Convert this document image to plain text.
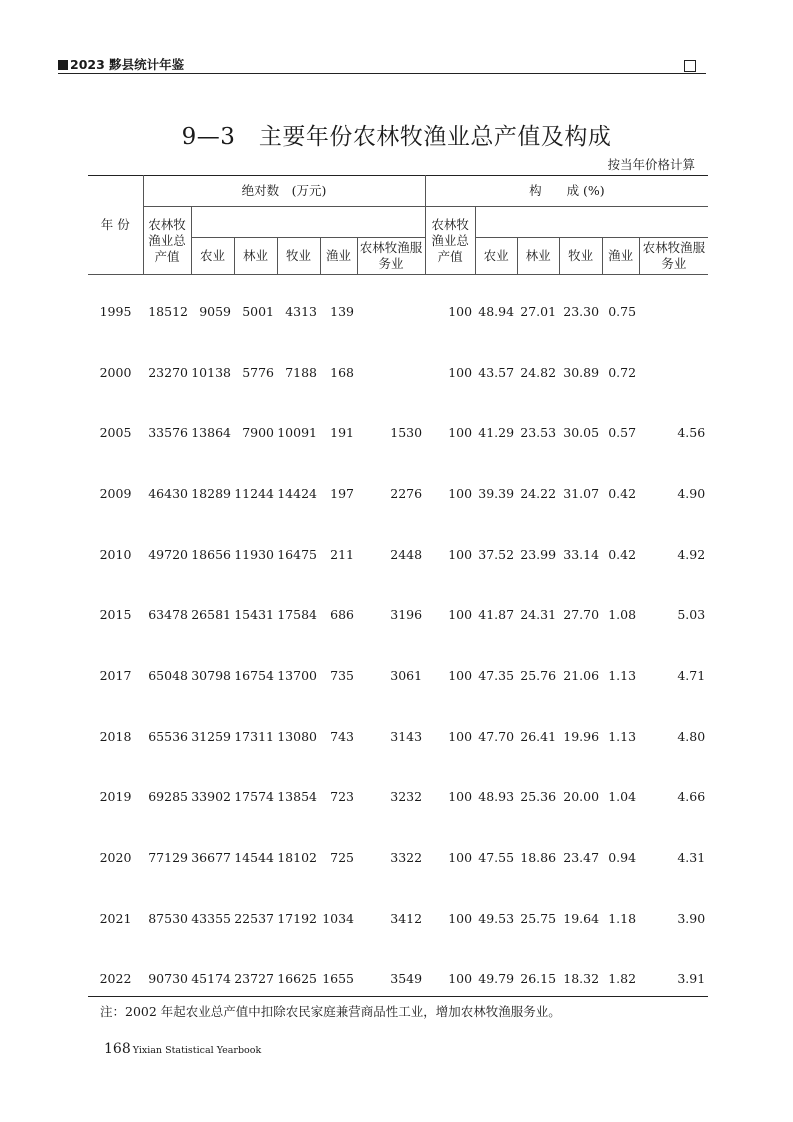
2023 黟县统计年鉴
9—3　主要年份农林牧渔业总产值及构成
按当年价格计算
年 份	绝对数　(万元)						构　　成 (%)					
	农林牧渔业总产值						农林牧渔业总产值					
		农业	林业	牧业	渔业	农林牧渔服务业		农业	林业	牧业	渔业	农林牧渔服务业
1995	18512	9059	5001	4313	139		100	48.94	27.01	23.30	0.75	
2000	23270	10138	5776	7188	168		100	43.57	24.82	30.89	0.72	
2005	33576	13864	7900	10091	191	1530	100	41.29	23.53	30.05	0.57	4.56
2009	46430	18289	11244	14424	197	2276	100	39.39	24.22	31.07	0.42	4.90
2010	49720	18656	11930	16475	211	2448	100	37.52	23.99	33.14	0.42	4.92
2015	63478	26581	15431	17584	686	3196	100	41.87	24.31	27.70	1.08	5.03
2017	65048	30798	16754	13700	735	3061	100	47.35	25.76	21.06	1.13	4.71
2018	65536	31259	17311	13080	743	3143	100	47.70	26.41	19.96	1.13	4.80
2019	69285	33902	17574	13854	723	3232	100	48.93	25.36	20.00	1.04	4.66
2020	77129	36677	14544	18102	725	3322	100	47.55	18.86	23.47	0.94	4.31
2021	87530	43355	22537	17192	1034	3412	100	49.53	25.75	19.64	1.18	3.90
2022	90730	45174	23727	16625	1655	3549	100	49.79	26.15	18.32	1.82	3.91
注：2002 年起农业总产值中扣除农民家庭兼营商品性工业，增加农林牧渔服务业。
168 Yixian Statistical Yearbook
